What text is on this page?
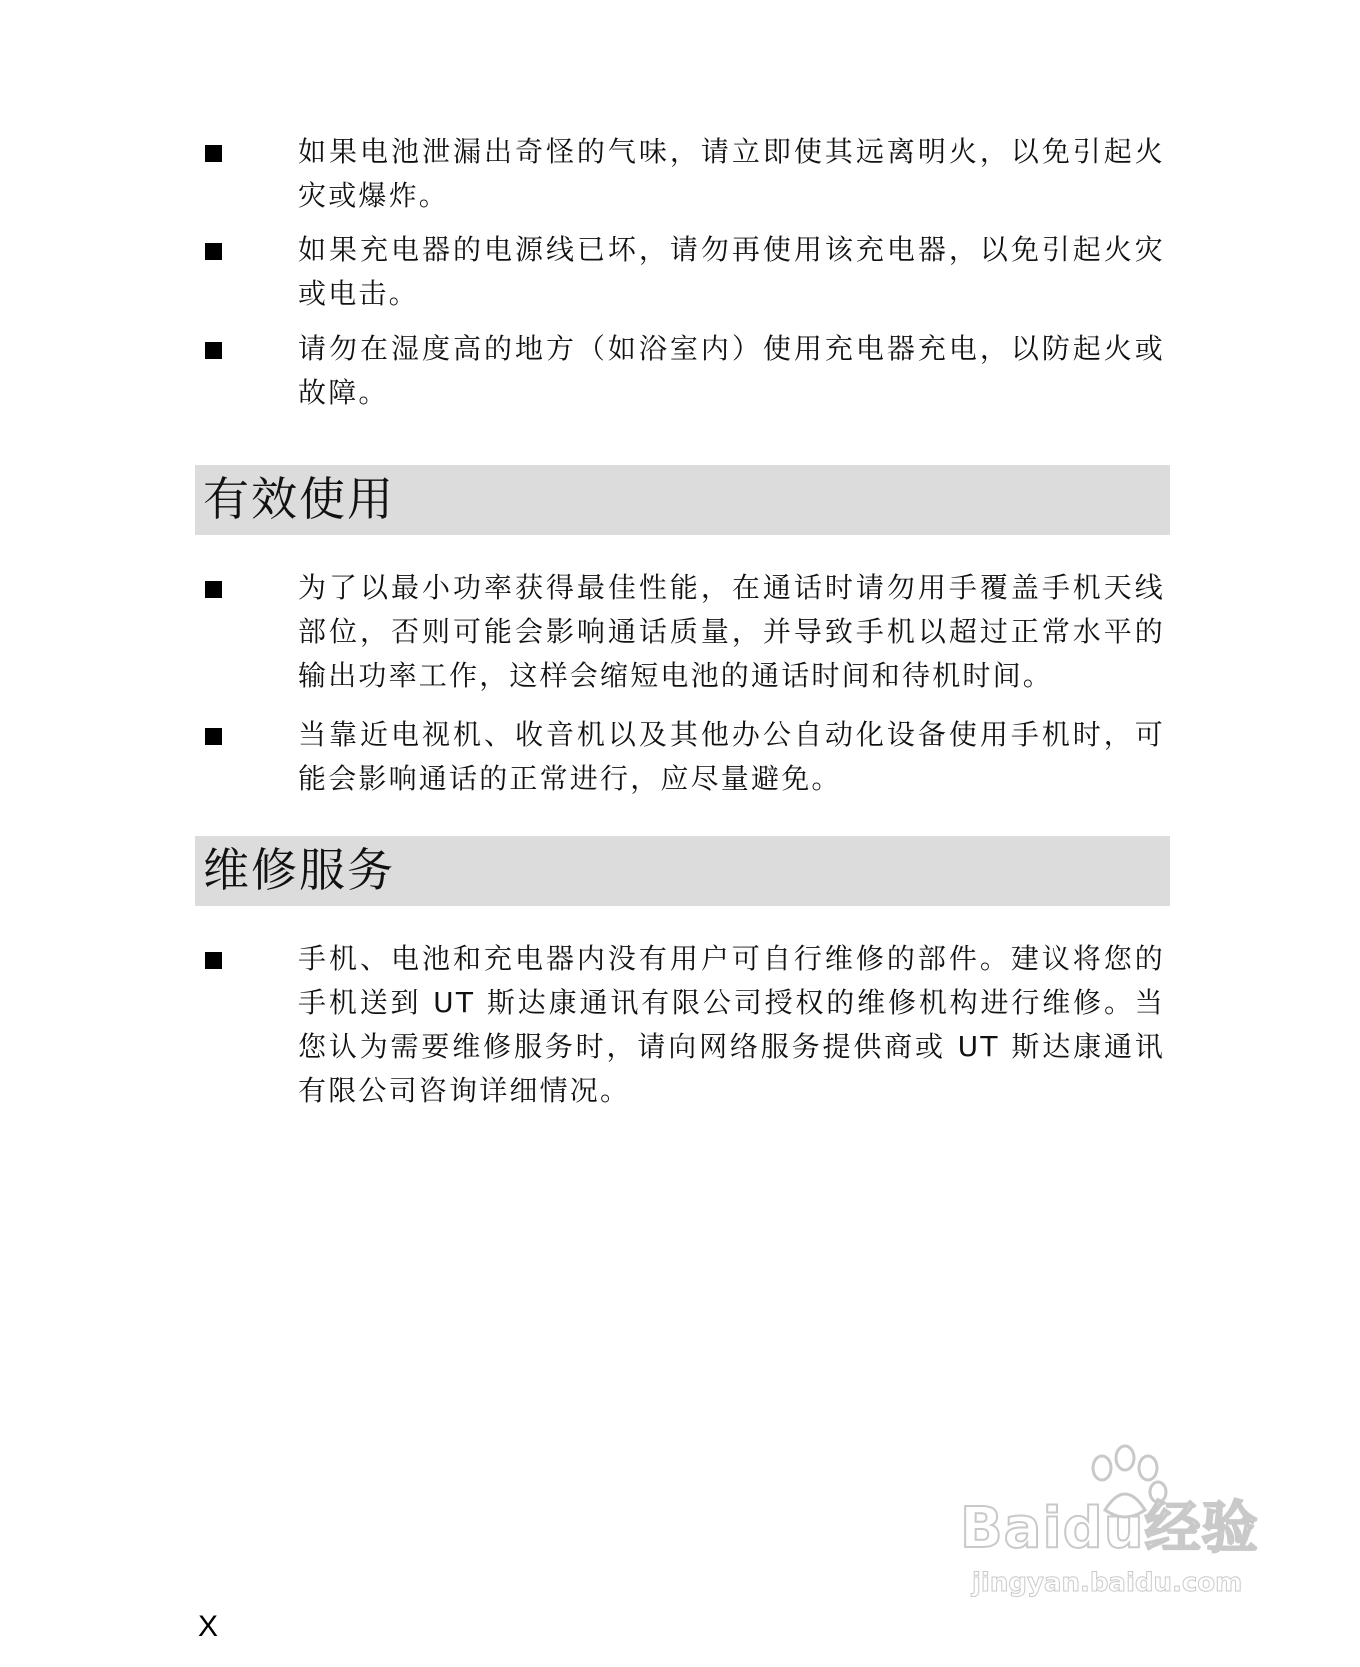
如果电池泄漏出奇怪的气味，请立即使其远离明火，以免引起火灾或爆炸。
如果充电器的电源线已坏，请勿再使用该充电器，以免引起火灾或电击。
请勿在湿度高的地方（如浴室内）使用充电器充电，以防起火或故障。
有效使用
为了以最小功率获得最佳性能，在通话时请勿用手覆盖手机天线部位，否则可能会影响通话质量，并导致手机以超过正常水平的输出功率工作，这样会缩短电池的通话时间和待机时间。
当靠近电视机、收音机以及其他办公自动化设备使用手机时，可能会影响通话的正常进行，应尽量避免。
维修服务
手机、电池和充电器内没有用户可自行维修的部件。建议将您的手机送到 UT 斯达康通讯有限公司授权的维修机构进行维修。当您认为需要维修服务时，请向网络服务提供商或 UT 斯达康通讯有限公司咨询详细情况。
Baidu经验
jingyan.baidu.com
X
